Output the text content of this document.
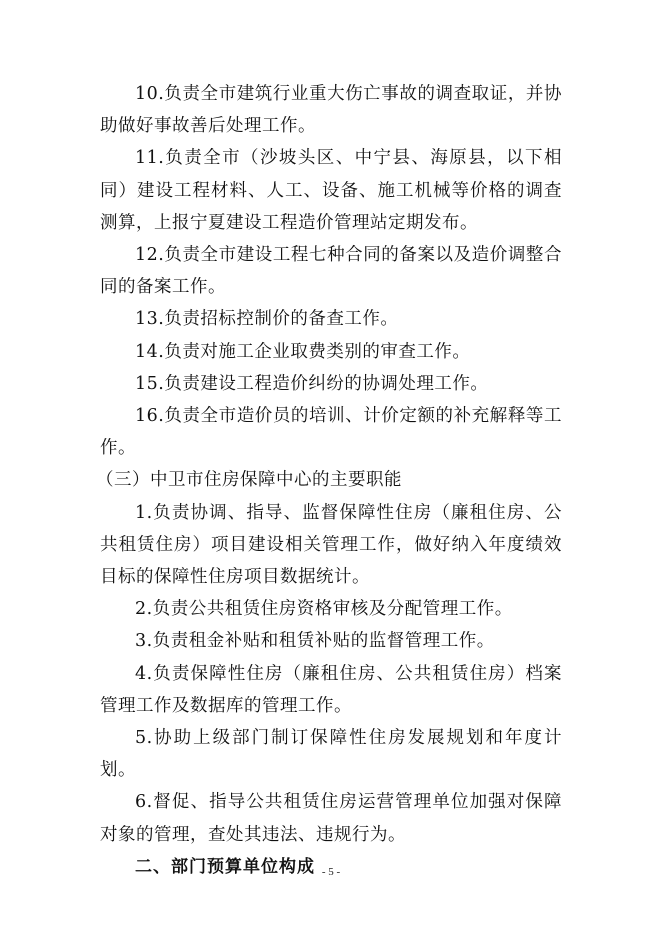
10.负责全市建筑行业重大伤亡事故的调查取证，并协助做好事故善后处理工作。

11.负责全市（沙坡头区、中宁县、海原县，以下相同）建设工程材料、人工、设备、施工机械等价格的调查测算，上报宁夏建设工程造价管理站定期发布。

12.负责全市建设工程七种合同的备案以及造价调整合同的备案工作。

13.负责招标控制价的备查工作。

14.负责对施工企业取费类别的审查工作。

15.负责建设工程造价纠纷的协调处理工作。

16.负责全市造价员的培训、计价定额的补充解释等工作。

（三）中卫市住房保障中心的主要职能

1.负责协调、指导、监督保障性住房（廉租住房、公共租赁住房）项目建设相关管理工作，做好纳入年度绩效目标的保障性住房项目数据统计。

2.负责公共租赁住房资格审核及分配管理工作。

3.负责租金补贴和租赁补贴的监督管理工作。

4.负责保障性住房（廉租住房、公共租赁住房）档案管理工作及数据库的管理工作。

5.协助上级部门制订保障性住房发展规划和年度计划。

6.督促、指导公共租赁住房运营管理单位加强对保障对象的管理，查处其违法、违规行为。

二、部门预算单位构成 - 5 -
